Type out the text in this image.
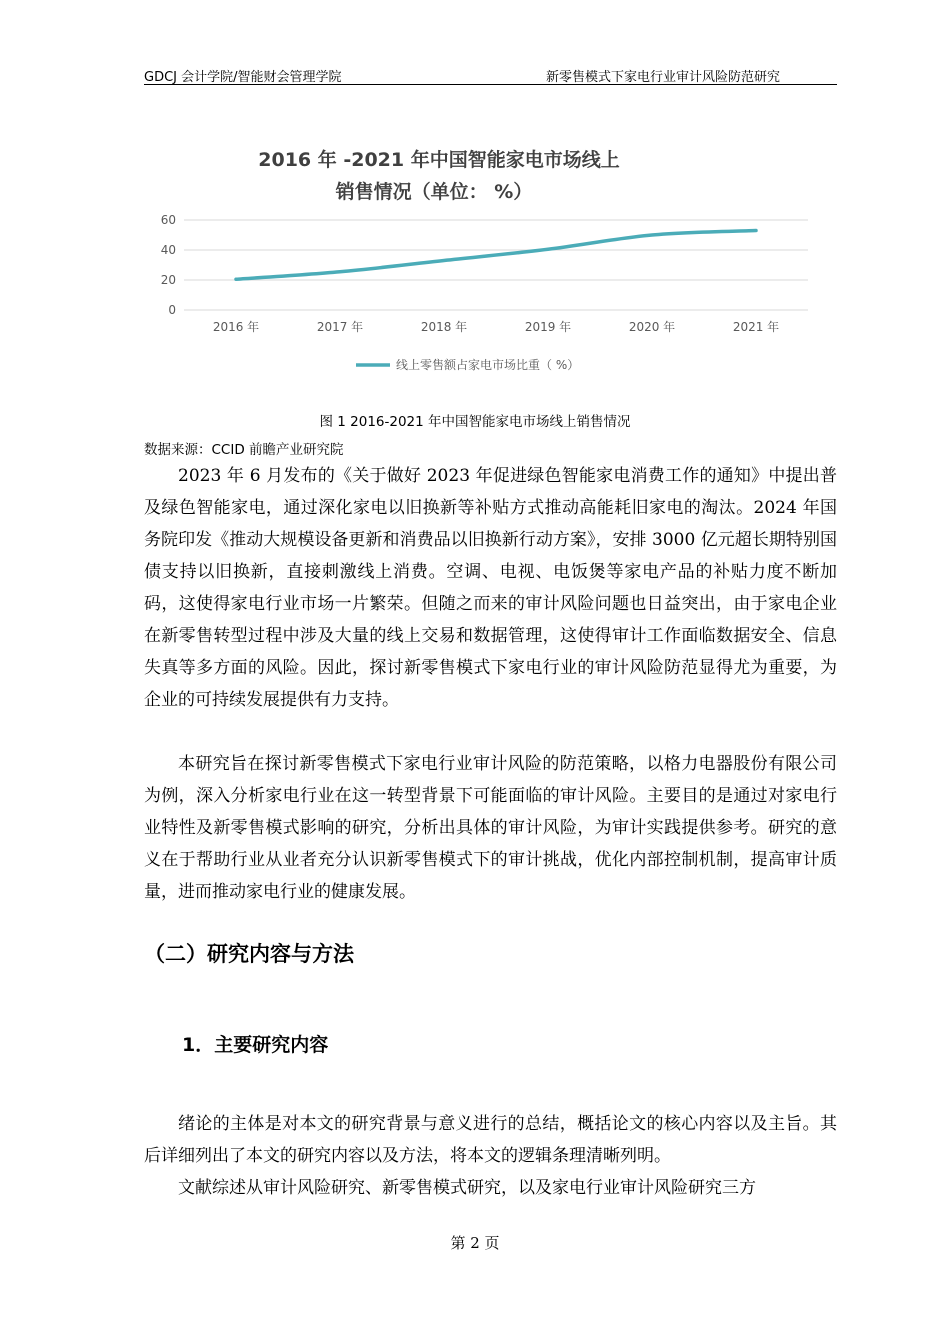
GDCJ 会计学院/智能财会管理学院	新零售模式下家电行业审计风险防范研究
2016 年 -2021 年中国智能家电市场线上
销售情况（单位： %）
0
20
40
60
2016 年	2017 年	2018 年	2019 年	2020 年	2021 年
线上零售额占家电市场比重（ %）
图 1 2016-2021 年中国智能家电市场线上销售情况
数据来源：CCID 前瞻产业研究院

2023 年 6 月发布的《关于做好 2023 年促进绿色智能家电消费工作的通知》中提出普及绿色智能家电，通过深化家电以旧换新等补贴方式推动高能耗旧家电的淘汰。2024 年国务院印发《推动大规模设备更新和消费品以旧换新行动方案》，安排 3000 亿元超长期特别国债支持以旧换新，直接刺激线上消费。空调、电视、电饭煲等家电产品的补贴力度不断加码，这使得家电行业市场一片繁荣。但随之而来的审计风险问题也日益突出，由于家电企业在新零售转型过程中涉及大量的线上交易和数据管理，这使得审计工作面临数据安全、信息失真等多方面的风险。因此，探讨新零售模式下家电行业的审计风险防范显得尤为重要，为企业的可持续发展提供有力支持。

本研究旨在探讨新零售模式下家电行业审计风险的防范策略，以格力电器股份有限公司为例，深入分析家电行业在这一转型背景下可能面临的审计风险。主要目的是通过对家电行业特性及新零售模式影响的研究，分析出具体的审计风险，为审计实践提供参考。研究的意义在于帮助行业从业者充分认识新零售模式下的审计挑战，优化内部控制机制，提高审计质量，进而推动家电行业的健康发展。

（二）研究内容与方法
1．主要研究内容

绪论的主体是对本文的研究背景与意义进行的总结，概括论文的核心内容以及主旨。其后详细列出了本文的研究内容以及方法，将本文的逻辑条理清晰列明。

文献综述从审计风险研究、新零售模式研究，以及家电行业审计风险研究三方

第 2 页
